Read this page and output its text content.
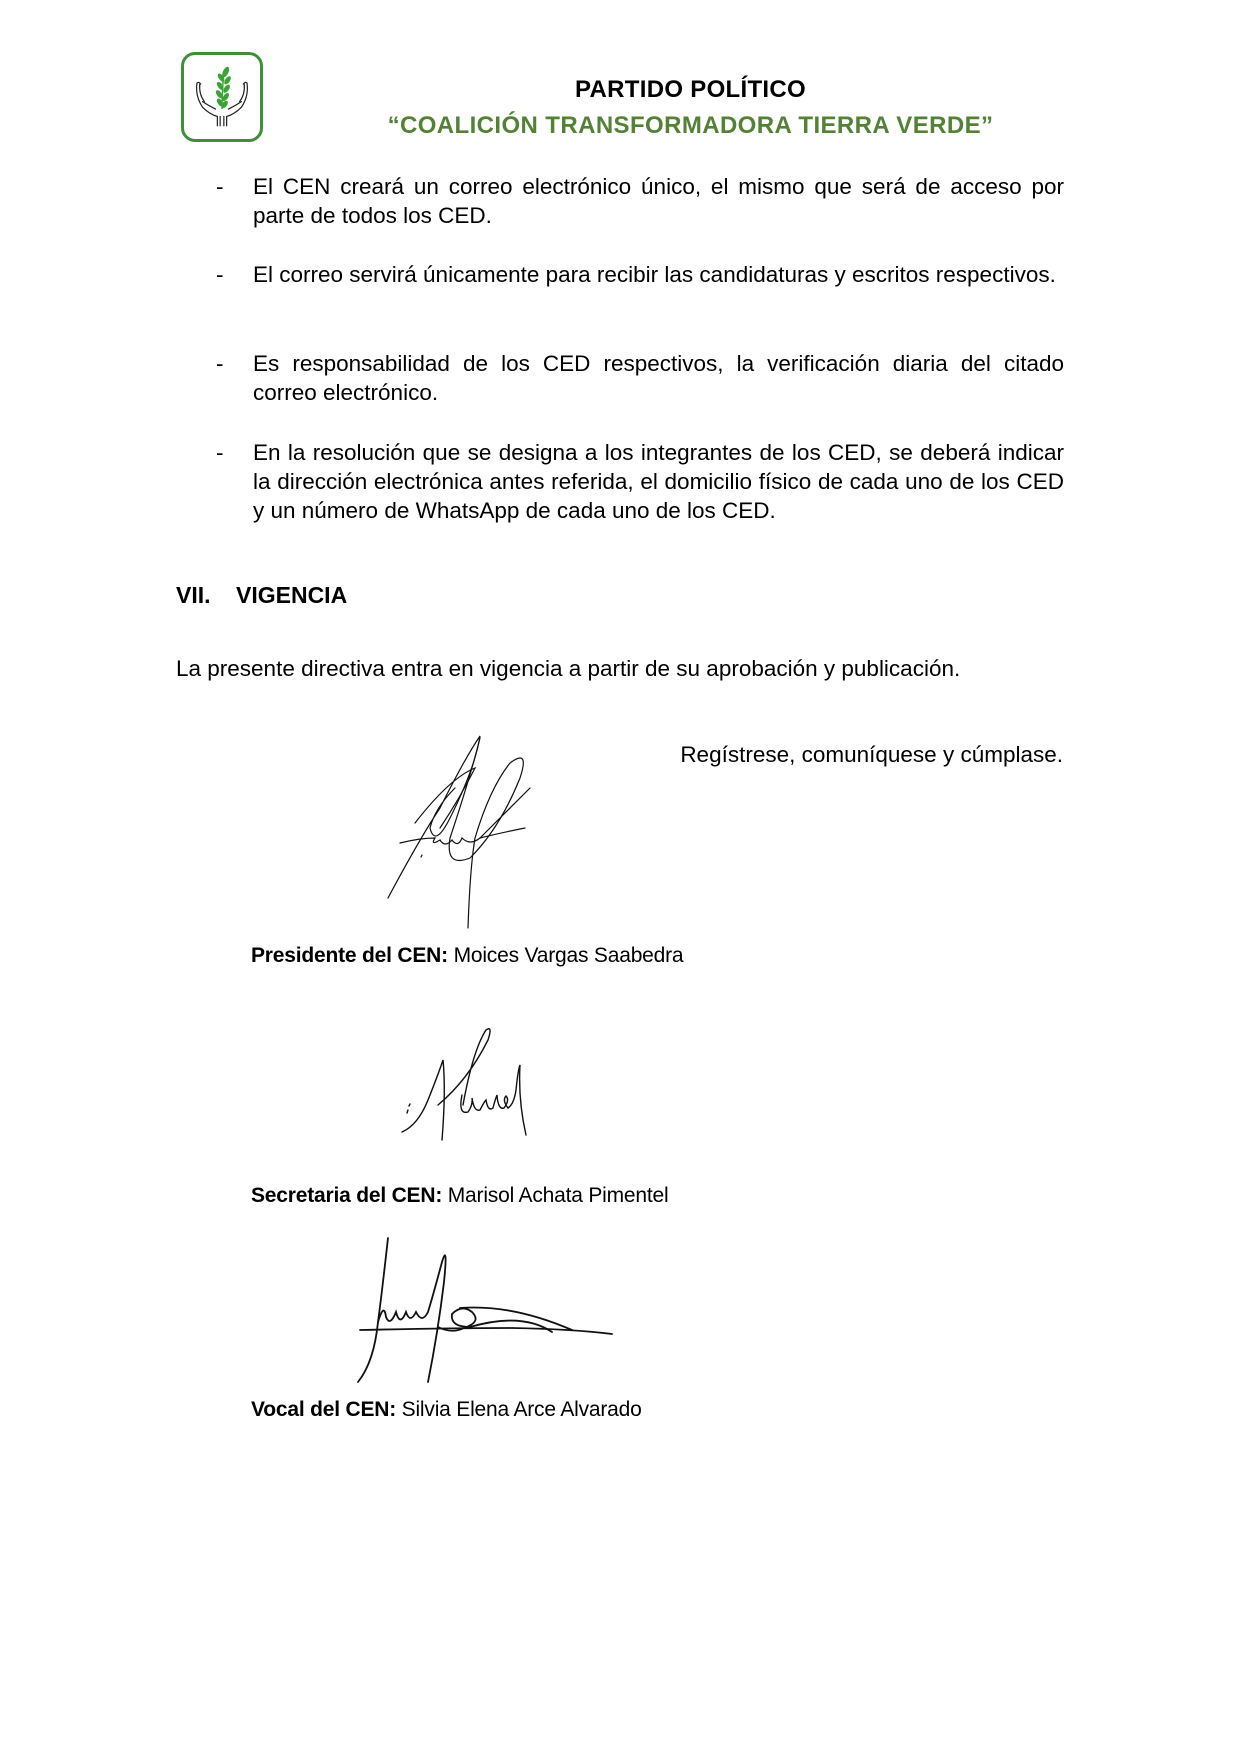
PARTIDO POLÍTICO
“COALICIÓN TRANSFORMADORA TIERRA VERDE”
- El CEN creará un correo electrónico único, el mismo que será de acceso por parte de todos los CED.
- El correo servirá únicamente para recibir las candidaturas y escritos respectivos.
- Es responsabilidad de los CED respectivos, la verificación diaria del citado correo electrónico.
- En la resolución que se designa a los integrantes de los CED, se deberá indicar la dirección electrónica antes referida, el domicilio físico de cada uno de los CED y un número de WhatsApp de cada uno de los CED.
VII. VIGENCIA
La presente directiva entra en vigencia a partir de su aprobación y publicación.
Regístrese, comuníquese y cúmplase.
Presidente del CEN: Moices Vargas Saabedra
Secretaria del CEN: Marisol Achata Pimentel
Vocal del CEN: Silvia Elena Arce Alvarado
